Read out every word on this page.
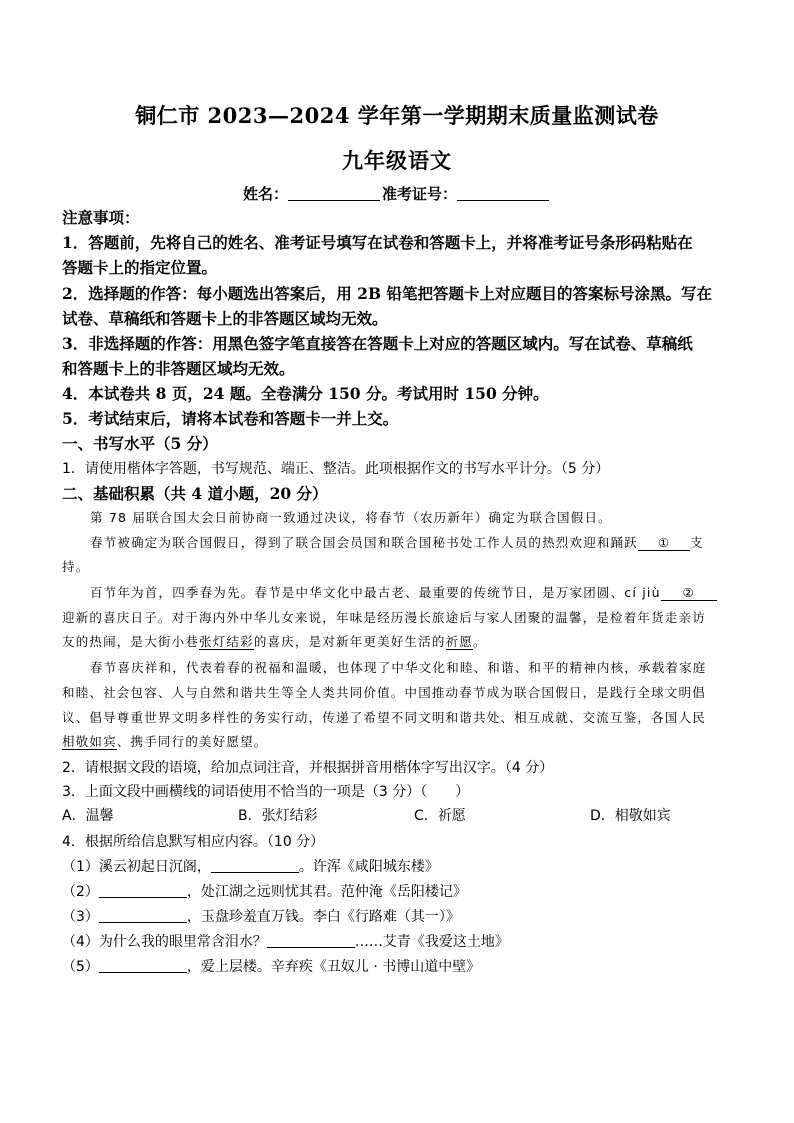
铜仁市 2023—2024 学年第一学期期末质量监测试卷
九年级语文
姓名：	准考证号：
注意事项：
1．答题前，先将自己的姓名、准考证号填写在试卷和答题卡上，并将准考证号条形码粘贴在
答题卡上的指定位置。
2．选择题的作答：每小题选出答案后，用 2B 铅笔把答题卡上对应题目的答案标号涂黑。写在
试卷、草稿纸和答题卡上的非答题区域均无效。
3．非选择题的作答：用黑色签字笔直接答在答题卡上对应的答题区域内。写在试卷、草稿纸
和答题卡上的非答题区域均无效。
4．本试卷共 8 页，24 题。全卷满分 150 分。考试用时 150 分钟。
5．考试结束后，请将本试卷和答题卡一并上交。
一、书写水平（5 分）
1．请使用楷体字答题，书写规范、端正、整洁。此项根据作文的书写水平计分。（5 分）
二、基础积累（共 4 道小题，20 分）
第 78 届联合国大会日前协商一致通过决议，将春节（农历新年）确定为联合国假日。
春节被确定为联合国假日，得到了联合国会员国和联合国秘书处工作人员的热烈欢迎和踊跃 ① 支
持。
百节年为首，四季春为先。春节是中华文化中最古老、最重要的传统节日，是万家团圆、cí jiù ②
迎新的喜庆日子。对于海内外中华儿女来说，年味是经历漫长旅途后与家人团聚的温馨，是检着年货走亲访
友的热闹，是大街小巷张灯结彩的喜庆，是对新年更美好生活的祈愿。
春节喜庆祥和，代表着春的祝福和温暖，也体现了中华文化和睦、和谐、和平的精神内核，承载着家庭
和睦、社会包容、人与自然和谐共生等全人类共同价值。中国推动春节成为联合国假日，是践行全球文明倡
议、倡导尊重世界文明多样性的务实行动，传递了希望不同文明和谐共处、相互成就、交流互鉴，各国人民
相敬如宾、携手同行的美好愿望。
2．请根据文段的语境，给加点词注音，并根据拼音用楷体字写出汉字。（4 分）
3．上面文段中画横线的词语使用不恰当的一项是（3 分）（　　）
A．温馨	B．张灯结彩	C．祈愿	D．相敬如宾
4．根据所给信息默写相应内容。（10 分）
（1）溪云初起日沉阁，	。许浑《咸阳城东楼》
（2）	，处江湖之远则忧其君。范仲淹《岳阳楼记》
（3）	，玉盘珍羞直万钱。李白《行路难（其一）》
（4）为什么我的眼里常含泪水？	……艾青《我爱这土地》
（5）	，爱上层楼。辛弃疾《丑奴儿 · 书博山道中壁》
